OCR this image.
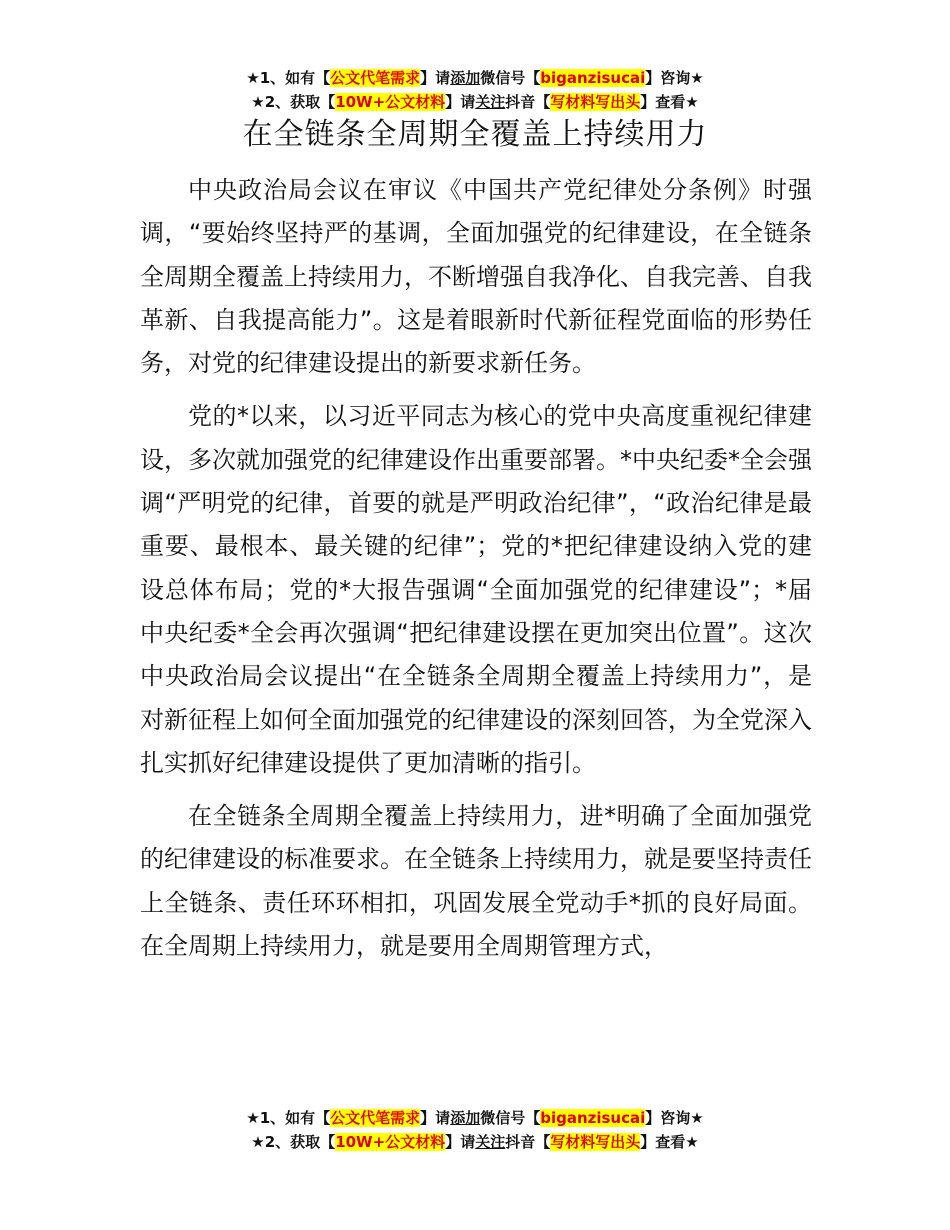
★1、如有【公文代笔需求】请添加微信号【biganzisucai】咨询★
★2、获取【10W+公文材料】请关注抖音【写材料写出头】查看★
在全链条全周期全覆盖上持续用力

中央政治局会议在审议《中国共产党纪律处分条例》时强调，“要始终坚持严的基调，全面加强党的纪律建设，在全链条全周期全覆盖上持续用力，不断增强自我净化、自我完善、自我革新、自我提高能力”。这是着眼新时代新征程党面临的形势任务，对党的纪律建设提出的新要求新任务。

党的*以来，以习近平同志为核心的党中央高度重视纪律建设，多次就加强党的纪律建设作出重要部署。*中央纪委*全会强调“严明党的纪律，首要的就是严明政治纪律”，“政治纪律是最重要、最根本、最关键的纪律”；党的*把纪律建设纳入党的建设总体布局；党的*大报告强调“全面加强党的纪律建设”；*届中央纪委*全会再次强调“把纪律建设摆在更加突出位置”。这次中央政治局会议提出“在全链条全周期全覆盖上持续用力”，是对新征程上如何全面加强党的纪律建设的深刻回答，为全党深入扎实抓好纪律建设提供了更加清晰的指引。

在全链条全周期全覆盖上持续用力，进*明确了全面加强党的纪律建设的标准要求。在全链条上持续用力，就是要坚持责任上全链条、责任环环相扣，巩固发展全党动手*抓的良好局面。在全周期上持续用力，就是要用全周期管理方式，

★1、如有【公文代笔需求】请添加微信号【biganzisucai】咨询★
★2、获取【10W+公文材料】请关注抖音【写材料写出头】查看★
